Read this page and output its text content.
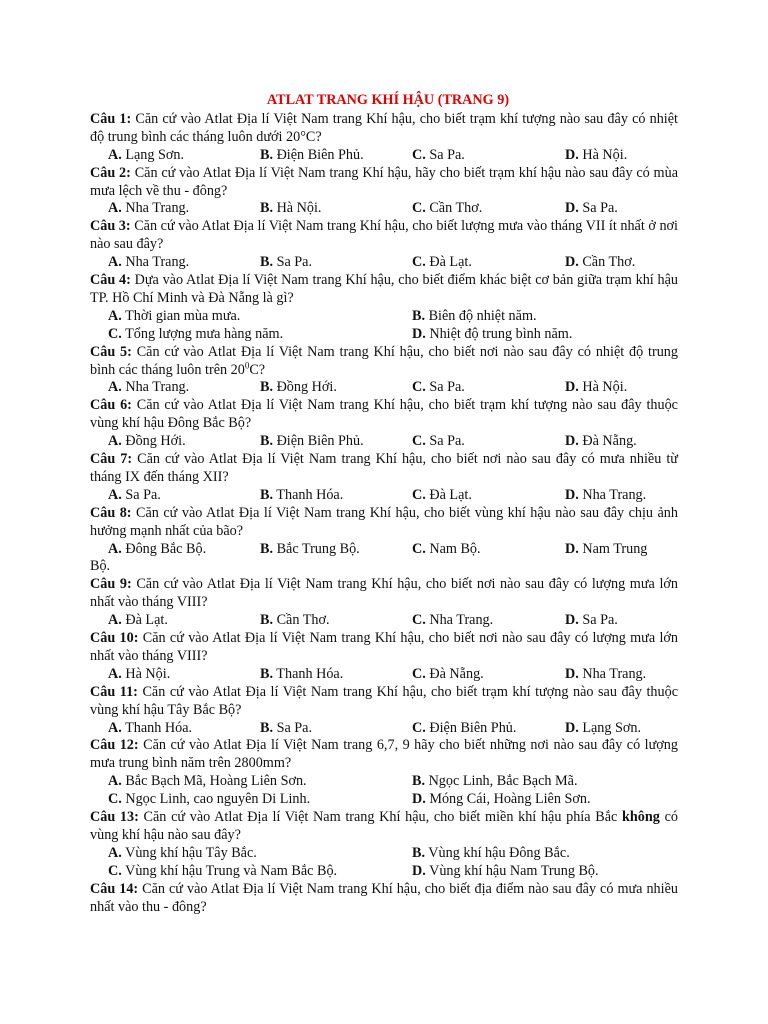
ATLAT TRANG KHÍ HẬU (TRANG 9)

Câu 1: Căn cứ vào Atlat Địa lí Việt Nam trang Khí hậu, cho biết trạm khí tượng nào sau đây có nhiệt độ trung bình các tháng luôn dưới 20°C?

A. Lạng Sơn.	B. Điện Biên Phủ.	C. Sa Pa.	D. Hà Nội.

Câu 2: Căn cứ vào Atlat Địa lí Việt Nam trang Khí hậu, hãy cho biết trạm khí hậu nào sau đây có mùa mưa lệch về thu - đông?

A. Nha Trang.	B. Hà Nội.	C. Cần Thơ.	D. Sa Pa.

Câu 3: Căn cứ vào Atlat Địa lí Việt Nam trang Khí hậu, cho biết lượng mưa vào tháng VII ít nhất ở nơi nào sau đây?

A. Nha Trang.	B. Sa Pa.	C. Đà Lạt.	D. Cần Thơ.

Câu 4: Dựa vào Atlat Địa lí Việt Nam trang Khí hậu, cho biết điểm khác biệt cơ bản giữa trạm khí hậu TP. Hồ Chí Minh và Đà Nẵng là gì?

A. Thời gian mùa mưa.	B. Biên độ nhiệt năm.
C. Tổng lượng mưa hàng năm.	D. Nhiệt độ trung bình năm.

Câu 5: Căn cứ vào Atlat Địa lí Việt Nam trang Khí hậu, cho biết nơi nào sau đây có nhiệt độ trung bình các tháng luôn trên $20^0C$?

A. Nha Trang.	B. Đồng Hới.	C. Sa Pa.	D. Hà Nội.

Câu 6: Căn cứ vào Atlat Địa lí Việt Nam trang Khí hậu, cho biết trạm khí tượng nào sau đây thuộc vùng khí hậu Đông Bắc Bộ?

A. Đồng Hới.	B. Điện Biên Phủ.	C. Sa Pa.	D. Đà Nẵng.

Câu 7: Căn cứ vào Atlat Địa lí Việt Nam trang Khí hậu, cho biết nơi nào sau đây có mưa nhiều từ tháng IX đến tháng XII?

A. Sa Pa.	B. Thanh Hóa.	C. Đà Lạt.	D. Nha Trang.

Câu 8: Căn cứ vào Atlat Địa lí Việt Nam trang Khí hậu, cho biết vùng khí hậu nào sau đây chịu ảnh hưởng mạnh nhất của bão?

A. Đông Bắc Bộ.	B. Bắc Trung Bộ.	C. Nam Bộ.	D. Nam Trung

Bộ.

Câu 9: Căn cứ vào Atlat Địa lí Việt Nam trang Khí hậu, cho biết nơi nào sau đây có lượng mưa lớn nhất vào tháng VIII?

A. Đà Lạt.	B. Cần Thơ.	C. Nha Trang.	D. Sa Pa.

Câu 10: Căn cứ vào Atlat Địa lí Việt Nam trang Khí hậu, cho biết nơi nào sau đây có lượng mưa lớn nhất vào tháng VIII?

A. Hà Nội.	B. Thanh Hóa.	C. Đà Nẵng.	D. Nha Trang.

Câu 11: Căn cứ vào Atlat Địa lí Việt Nam trang Khí hậu, cho biết trạm khí tượng nào sau đây thuộc vùng khí hậu Tây Bắc Bộ?

A. Thanh Hóa.	B. Sa Pa.	C. Điện Biên Phủ.	D. Lạng Sơn.

Câu 12: Căn cứ vào Atlat Địa lí Việt Nam trang 6,7, 9 hãy cho biết những nơi nào sau đây có lượng mưa trung bình năm trên 2800mm?

A. Bắc Bạch Mã, Hoàng Liên Sơn.	B. Ngọc Linh, Bắc Bạch Mã.
C. Ngọc Linh, cao nguyên Di Linh.	D. Móng Cái, Hoàng Liên Sơn.

Câu 13: Căn cứ vào Atlat Địa lí Việt Nam trang Khí hậu, cho biết miền khí hậu phía Bắc không có vùng khí hậu nào sau đây?

A. Vùng khí hậu Tây Bắc.	B. Vùng khí hậu Đông Bắc.
C. Vùng khí hậu Trung và Nam Bắc Bộ.	D. Vùng khí hậu Nam Trung Bộ.

Câu 14: Căn cứ vào Atlat Địa lí Việt Nam trang Khí hậu, cho biết địa điểm nào sau đây có mưa nhiều nhất vào thu - đông?
